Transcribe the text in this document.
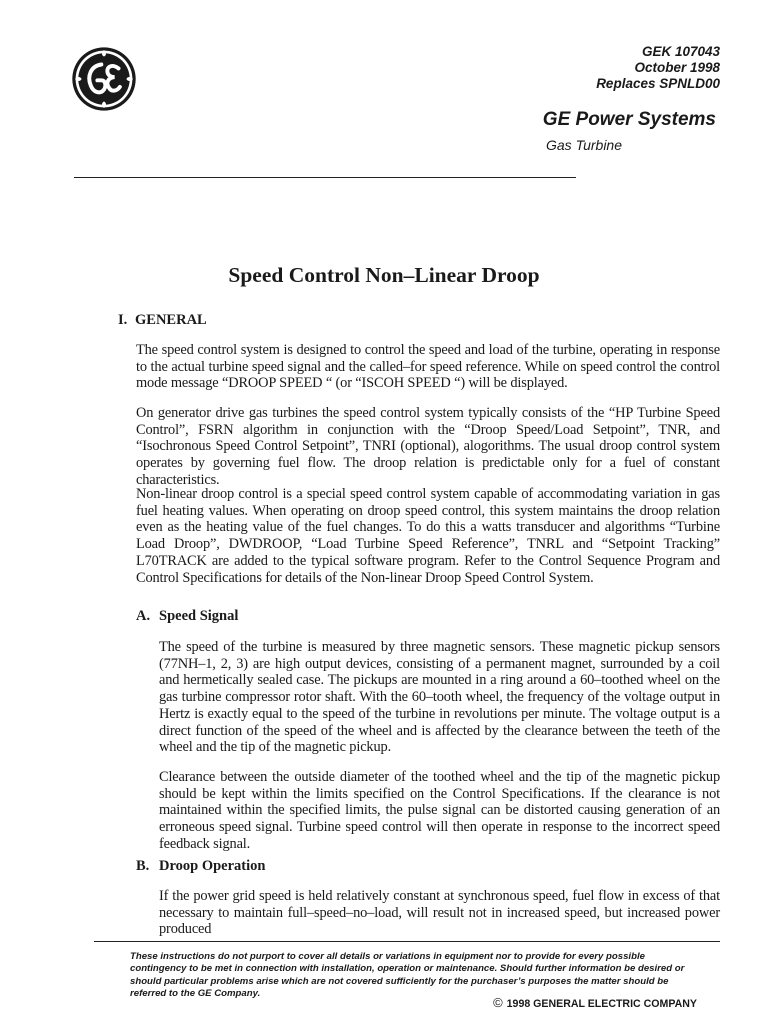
GEK 107043
October 1998
Replaces SPNLD00
GE Power Systems
Gas Turbine
Speed Control Non–Linear Droop
I. GENERAL
The speed control system is designed to control the speed and load of the turbine, operating in response to the actual turbine speed signal and the called–for speed reference. While on speed control the control mode message “DROOP SPEED “ (or “ISCOH SPEED “) will be displayed.
On generator drive gas turbines the speed control system typically consists of the “HP Turbine Speed Control”, FSRN algorithm in conjunction with the “Droop Speed/Load Setpoint”, TNR, and “Isochronous Speed Control Setpoint”, TNRI (optional), alogorithms. The usual droop control system operates by governing fuel flow. The droop relation is predictable only for a fuel of constant characteristics.
Non-linear droop control is a special speed control system capable of accommodating variation in gas fuel heating values. When operating on droop speed control, this system maintains the droop relation even as the heating value of the fuel changes. To do this a watts transducer and algorithms “Turbine Load Droop”, DWDROOP, “Load Turbine Speed Reference”, TNRL and “Setpoint Tracking” L70TRACK are added to the typical software program. Refer to the Control Sequence Program and Control Specifications for details of the Non-linear Droop Speed Control System.
A. Speed Signal
The speed of the turbine is measured by three magnetic sensors. These magnetic pickup sensors (77NH–1, 2, 3) are high output devices, consisting of a permanent magnet, surrounded by a coil and hermetically sealed case. The pickups are mounted in a ring around a 60–toothed wheel on the gas turbine compressor rotor shaft. With the 60–tooth wheel, the frequency of the voltage output in Hertz is exactly equal to the speed of the turbine in revolutions per minute. The voltage output is a direct function of the speed of the wheel and is affected by the clearance between the teeth of the wheel and the tip of the magnetic pickup.
Clearance between the outside diameter of the toothed wheel and the tip of the magnetic pickup should be kept within the limits specified on the Control Specifications. If the clearance is not maintained within the specified limits, the pulse signal can be distorted causing generation of an erroneous speed signal. Turbine speed control will then operate in response to the incorrect speed feedback signal.
B. Droop Operation
If the power grid speed is held relatively constant at synchronous speed, fuel flow in excess of that necessary to maintain full–speed–no–load, will result not in increased speed, but increased power produced
These instructions do not purport to cover all details or variations in equipment nor to provide for every possible
contingency to be met in connection with installation, operation or maintenance. Should further information be desired or
should particular problems arise which are not covered sufficiently for the purchaser’s purposes the matter should be
referred to the GE Company.
© 1998 GENERAL ELECTRIC COMPANY
